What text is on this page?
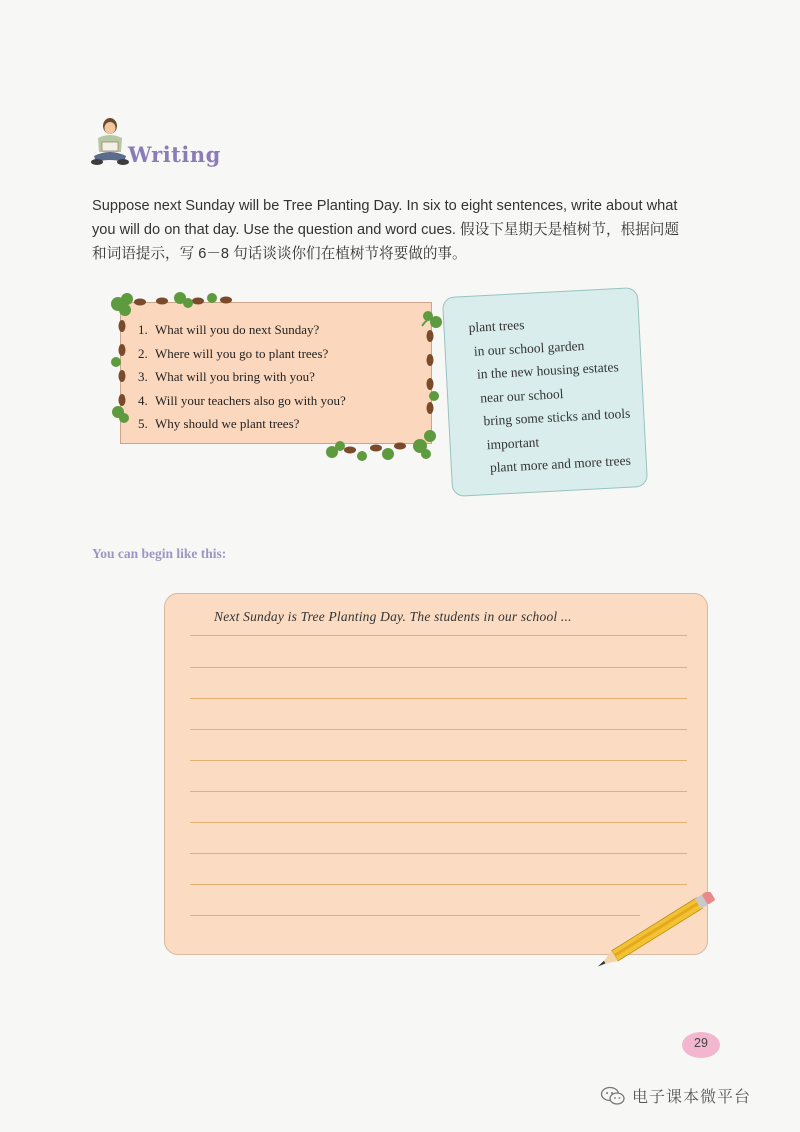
Writing

Suppose next Sunday will be Tree Planting Day. In six to eight sentences, write about what

you will do on that day. Use the question and word cues. 假设下星期天是植树节，根据问题

和词语提示，写 6－8 句话谈谈你们在植树节将要做的事。

1. What will you do next Sunday?
2. Where will you go to plant trees?
3. What will you bring with you?
4. Will your teachers also go with you?
5. Why should we plant trees?
plant trees
in our school garden
in the new housing estates
near our school
bring some sticks and tools
important
plant more and more trees
You can begin like this:
Next Sunday is Tree Planting Day. The students in our school ...
29
电子课本微平台
